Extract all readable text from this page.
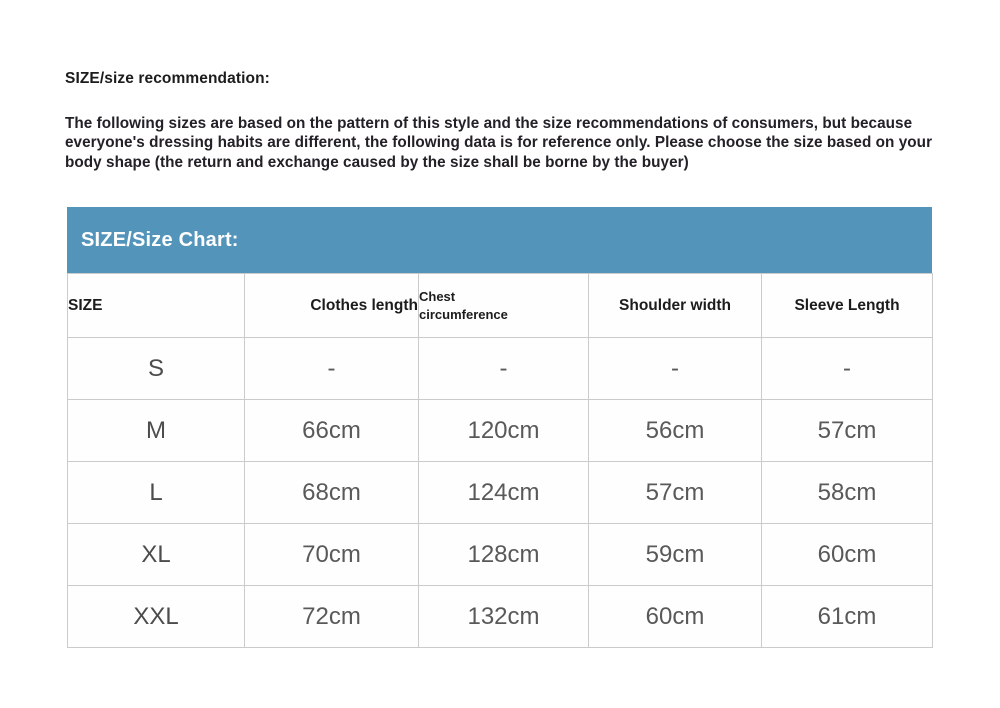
SIZE/size recommendation:

The following sizes are based on the pattern of this style and the size recommendations of consumers, but because everyone's dressing habits are different, the following data is for reference only. Please choose the size based on your body shape (the return and exchange caused by the size shall be borne by the buyer)

SIZE/Size Chart:
SIZE	Clothes length	Chest circumference	Shoulder width	Sleeve Length
S	-	-	-	-
M	66cm	120cm	56cm	57cm
L	68cm	124cm	57cm	58cm
XL	70cm	128cm	59cm	60cm
XXL	72cm	132cm	60cm	61cm
